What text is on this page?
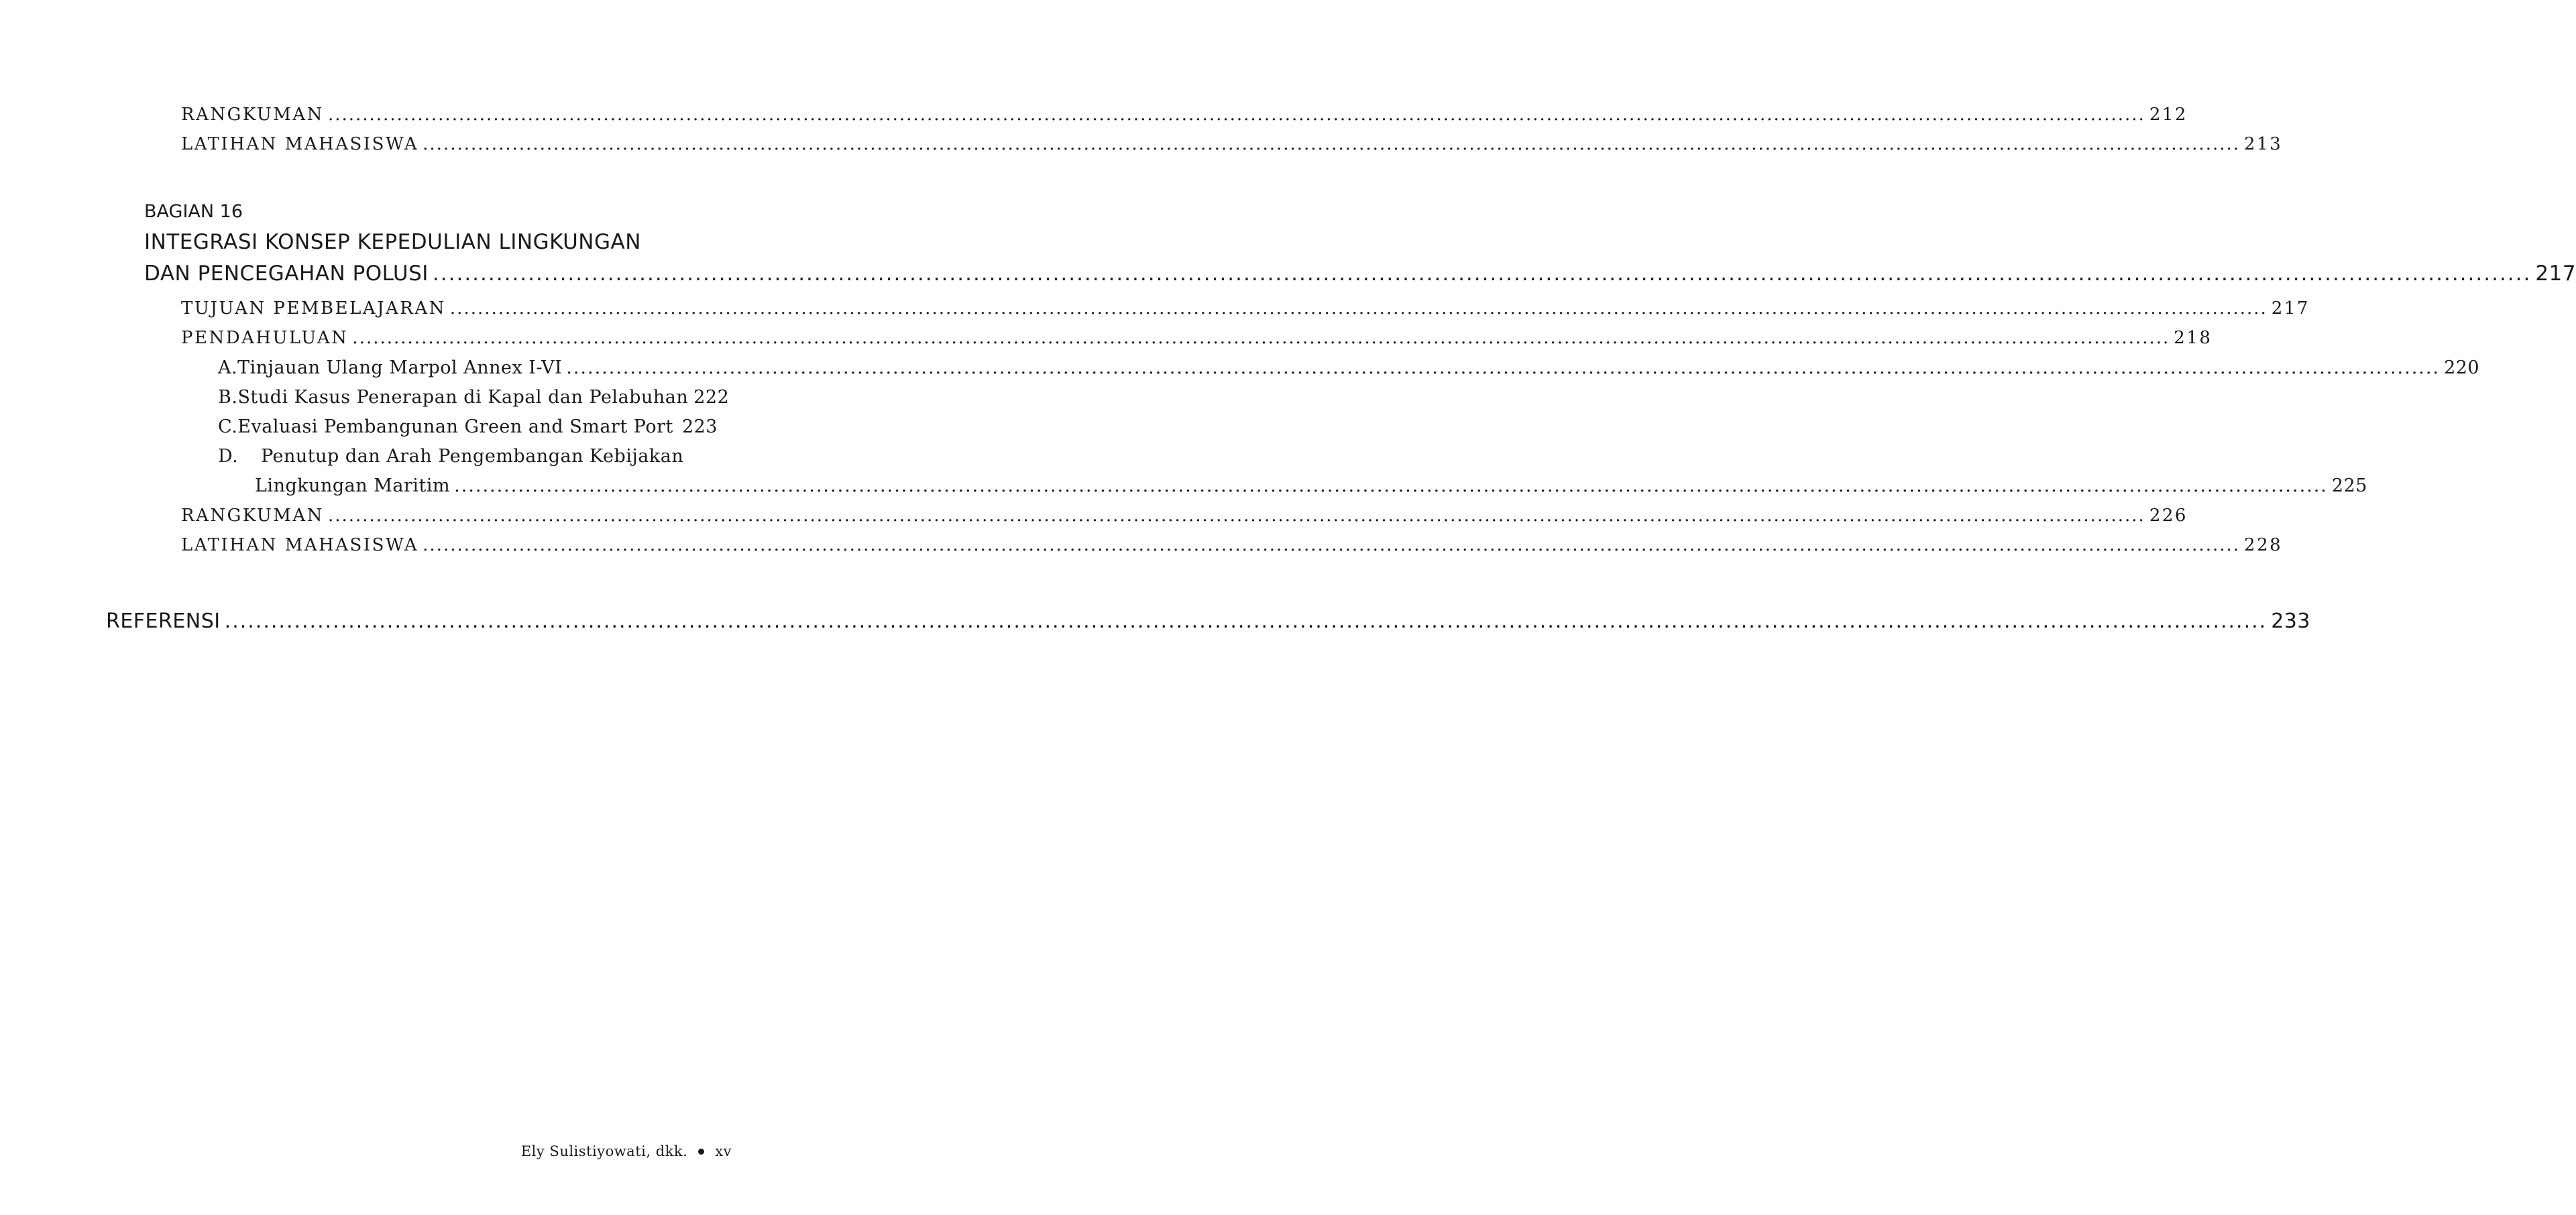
RANGKUMAN .....	212
LATIHAN MAHASISWA .....	213
BAGIAN 16
INTEGRASI KONSEP KEPEDULIAN LINGKUNGAN
DAN PENCEGAHAN POLUSI .....	217
TUJUAN PEMBELAJARAN .....	217
PENDAHULUAN .....	218
A. Tinjauan Ulang Marpol Annex I-VI .....	220
B. Studi Kasus Penerapan di Kapal dan Pelabuhan 222
C. Evaluasi Pembangunan Green and Smart Port ..... 223
D. Penutup dan Arah Pengembangan Kebijakan
Lingkungan Maritim .....	225
RANGKUMAN .....	226
LATIHAN MAHASISWA .....	228
REFERENSI .....	233
Ely Sulistiyowati, dkk. xv
